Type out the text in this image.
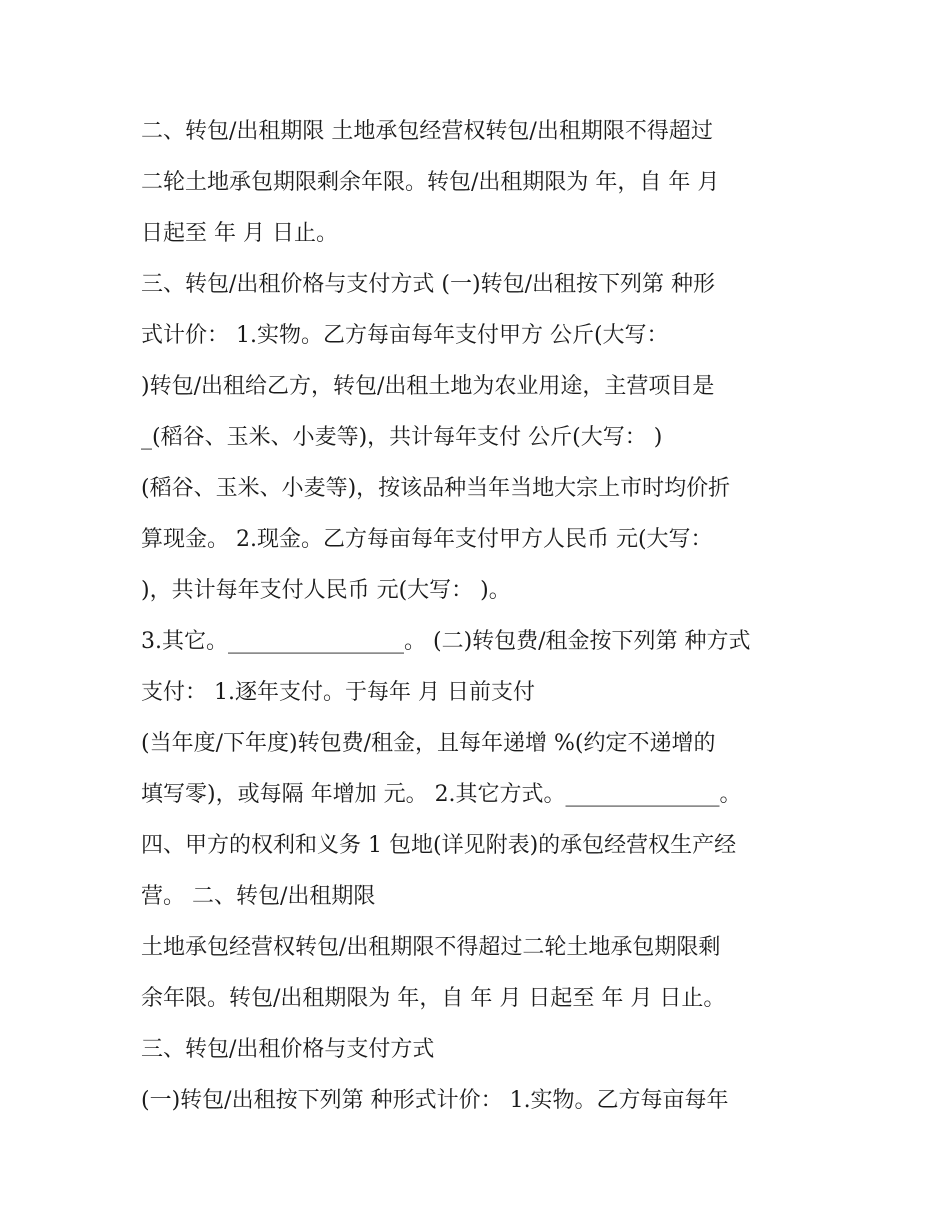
二、转包/出租期限 土地承包经营权转包/出租期限不得超过
二轮土地承包期限剩余年限。转包/出租期限为 年，自 年 月
日起至 年 月 日止。
三、转包/出租价格与支付方式 (一)转包/出租按下列第 种形
式计价： 1.实物。乙方每亩每年支付甲方 公斤(大写：
)转包/出租给乙方，转包/出租土地为农业用途，主营项目是
_(稻谷、玉米、小麦等)，共计每年支付 公斤(大写： )
(稻谷、玉米、小麦等)，按该品种当年当地大宗上市时均价折
算现金。 2.现金。乙方每亩每年支付甲方人民币 元(大写：
)，共计每年支付人民币 元(大写： )。
3.其它。________________。 (二)转包费/租金按下列第 种方式
支付： 1.逐年支付。于每年 月 日前支付
(当年度/下年度)转包费/租金，且每年递增 %(约定不递增的
填写零)，或每隔 年增加 元。 2.其它方式。______________。
四、甲方的权利和义务 1 包地(详见附表)的承包经营权生产经
营。 二、转包/出租期限
土地承包经营权转包/出租期限不得超过二轮土地承包期限剩
余年限。转包/出租期限为 年，自 年 月 日起至 年 月 日止。
三、转包/出租价格与支付方式
(一)转包/出租按下列第 种形式计价： 1.实物。乙方每亩每年
